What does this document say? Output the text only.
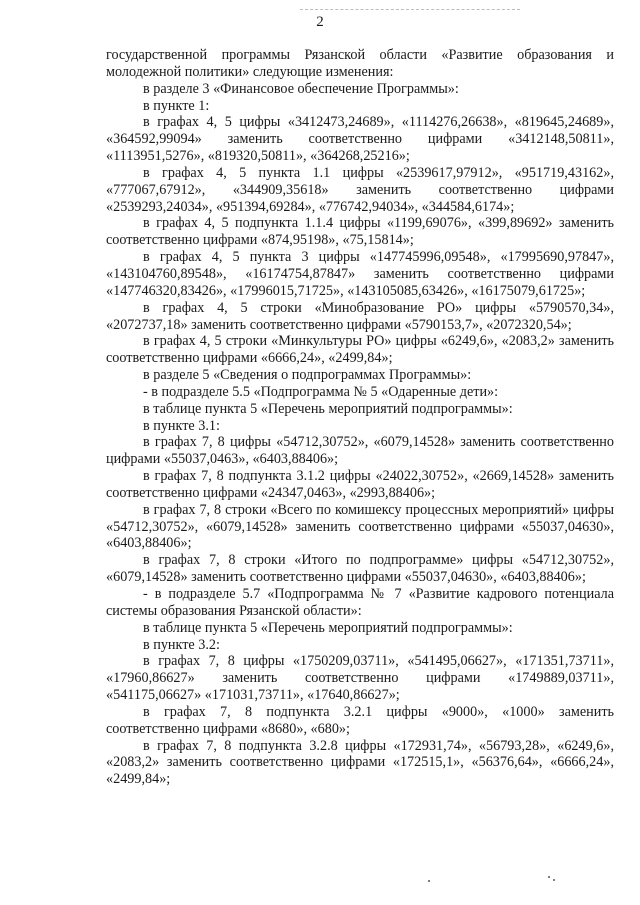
2

государственной программы Рязанской области «Развитие образования и молодежной политики» следующие изменения:

в разделе 3 «Финансовое обеспечение Программы»:

в пункте 1:

в графах 4, 5 цифры «3412473,24689», «1114276,26638», «819645,24689», «364592,99094» заменить соответственно цифрами «3412148,50811», «1113951,5276», «819320,50811», «364268,25216»;

в графах 4, 5 пункта 1.1 цифры «2539617,97912», «951719,43162», «777067,67912», «344909,35618» заменить соответственно цифрами «2539293,24034», «951394,69284», «776742,94034», «344584,6174»;

в графах 4, 5 подпункта 1.1.4 цифры «1199,69076», «399,89692» заменить соответственно цифрами «874,95198», «75,15814»;

в графах 4, 5 пункта 3 цифры «147745996,09548», «17995690,97847», «143104760,89548», «16174754,87847» заменить соответственно цифрами «147746320,83426», «17996015,71725», «143105085,63426», «16175079,61725»;

в графах 4, 5 строки «Минобразование РО» цифры «5790570,34», «2072737,18» заменить соответственно цифрами «5790153,7», «2072320,54»;

в графах 4, 5 строки «Минкультуры РО» цифры «6249,6», «2083,2» заменить соответственно цифрами «6666,24», «2499,84»;

в разделе 5 «Сведения о подпрограммах Программы»:

- в подразделе 5.5 «Подпрограмма № 5 «Одаренные дети»:

в таблице пункта 5 «Перечень мероприятий подпрограммы»:

в пункте 3.1:

в графах 7, 8 цифры «54712,30752», «6079,14528» заменить соответственно цифрами «55037,0463», «6403,88406»;

в графах 7, 8 подпункта 3.1.2 цифры «24022,30752», «2669,14528» заменить соответственно цифрами «24347,0463», «2993,88406»;

в графах 7, 8 строки «Всего по комишексу процессных мероприятий» цифры «54712,30752», «6079,14528» заменить соответственно цифрами «55037,04630», «6403,88406»;

в графах 7, 8 строки «Итого по подпрограмме» цифры «54712,30752», «6079,14528» заменить соответственно цифрами «55037,04630», «6403,88406»;

- в подразделе 5.7 «Подпрограмма № 7 «Развитие кадрового потенциала системы образования Рязанской области»:

в таблице пункта 5 «Перечень мероприятий подпрограммы»:

в пункте 3.2:

в графах 7, 8 цифры «1750209,03711», «541495,06627», «171351,73711», «17960,86627» заменить соответственно цифрами «1749889,03711», «541175,06627» «171031,73711», «17640,86627»;

в графах 7, 8 подпункта 3.2.1 цифры «9000», «1000» заменить соответственно цифрами «8680», «680»;

в графах 7, 8 подпункта 3.2.8 цифры «172931,74», «56793,28», «6249,6», «2083,2» заменить соответственно цифрами «172515,1», «56376,64», «6666,24», «2499,84»;
